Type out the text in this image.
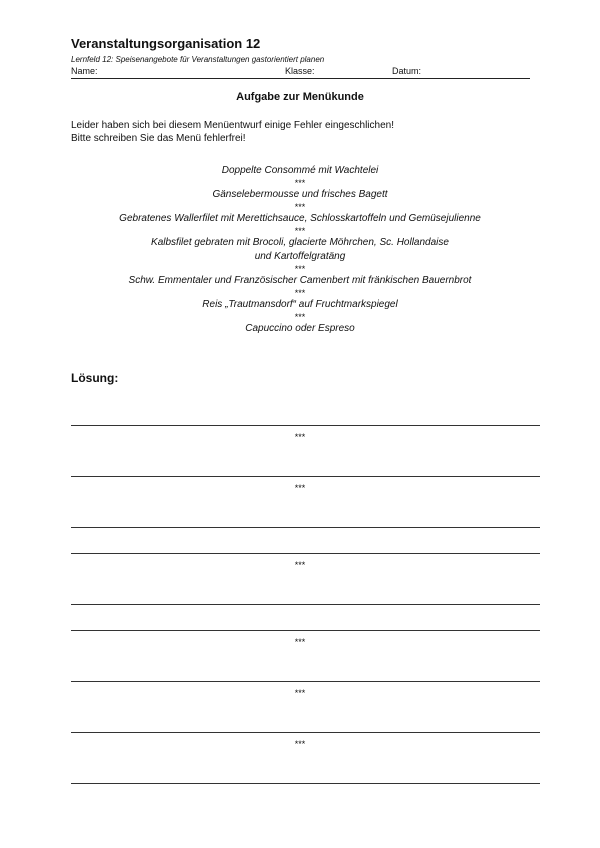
Veranstaltungsorganisation 12
Lernfeld 12: Speisenangebote für Veranstaltungen gastorientiert planen
Name:	Klasse:	Datum:
Aufgabe zur Menükunde
Leider haben sich bei diesem Menüentwurf einige Fehler eingeschlichen!
Bitte schreiben Sie das Menü fehlerfrei!
Doppelte Consommé mit Wachtelei
***
Gänselebermousse und frisches Bagett
***
Gebratenes Wallerfilet mit Merettichsauce, Schlosskartoffeln und Gemüsejulienne
***
Kalbsfilet gebraten mit Brocoli, glacierte Möhrchen, Sc. Hollandaise
und Kartoffelgratäng
***
Schw. Emmentaler und Französischer Camenbert mit fränkischen Bauernbrot
***
Reis „Trautmansdorf“ auf Fruchtmarkspiegel
***
Capuccino oder Espreso
Lösung:
***
***
***
***
***
***
